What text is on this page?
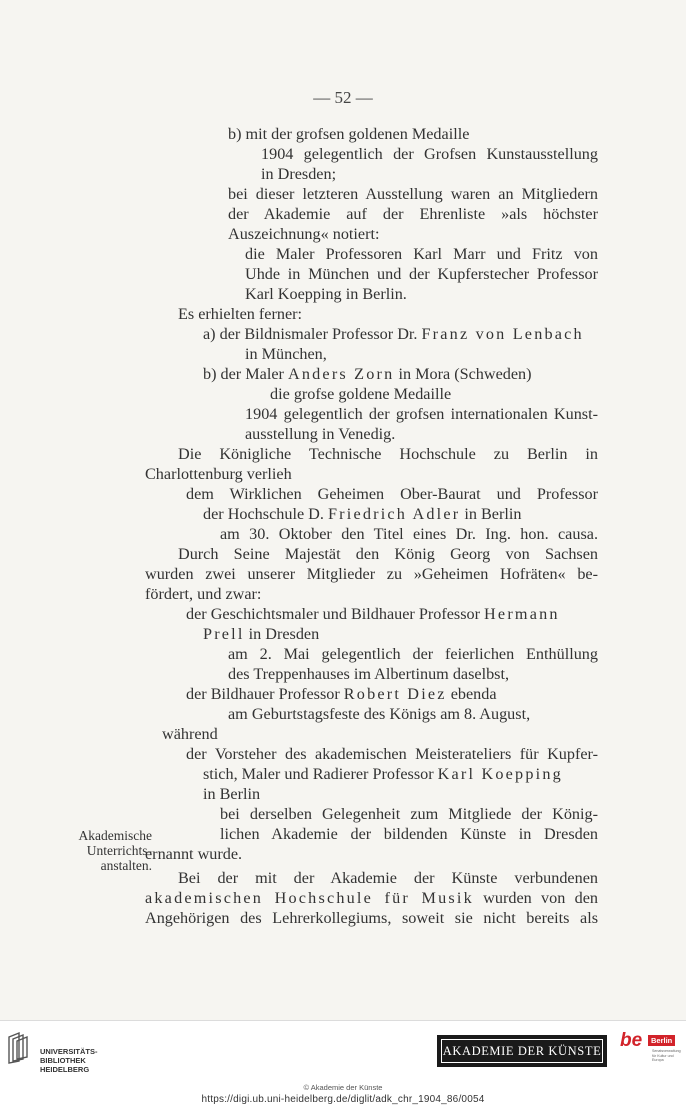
— 52 —
b) mit der grofsen goldenen Medaille
1904 gelegentlich der Grofsen Kunstausstellung
in Dresden;
bei dieser letzteren Ausstellung waren an Mitgliedern
der Akademie auf der Ehrenliste »als höchster
Auszeichnung« notiert:
die Maler Professoren Karl Marr und Fritz von
Uhde in München und der Kupferstecher Professor
Karl Koepping in Berlin.
Es erhielten ferner:
a) der Bildnismaler Professor Dr. Franz von Lenbach
in München,
b) der Maler Anders Zorn in Mora (Schweden)
die grofse goldene Medaille
1904 gelegentlich der grofsen internationalen Kunst-
ausstellung in Venedig.
Die Königliche Technische Hochschule zu Berlin in
Charlottenburg verlieh
dem Wirklichen Geheimen Ober-Baurat und Professor
der Hochschule D. Friedrich Adler in Berlin
am 30. Oktober den Titel eines Dr. Ing. hon. causa.
Durch Seine Majestät den König Georg von Sachsen
wurden zwei unserer Mitglieder zu »Geheimen Hofräten« be-
fördert, und zwar:
der Geschichtsmaler und Bildhauer Professor Hermann
Prell in Dresden
am 2. Mai gelegentlich der feierlichen Enthüllung
des Treppenhauses im Albertinum daselbst,
der Bildhauer Professor Robert Diez ebenda
am Geburtstagsfeste des Königs am 8. August,
während
der Vorsteher des akademischen Meisterateliers für Kupfer-
stich, Maler und Radierer Professor Karl Koepping
in Berlin
bei derselben Gelegenheit zum Mitgliede der König-
lichen Akademie der bildenden Künste in Dresden
ernannt wurde.
Bei der mit der Akademie der Künste verbundenen
akademischen Hochschule für Musik wurden von den
Angehörigen des Lehrerkollegiums, soweit sie nicht bereits als
Akademische
Unterrichts-
anstalten.
UNIVERSITÄTS-
BIBLIOTHEK
HEIDELBERG
AKADEMIE DER KÜNSTE be	Berlin
Senatsverwaltung für Kultur und Europa
© Akademie der Künste
https://digi.ub.uni-heidelberg.de/diglit/adk_chr_1904_86/0054
